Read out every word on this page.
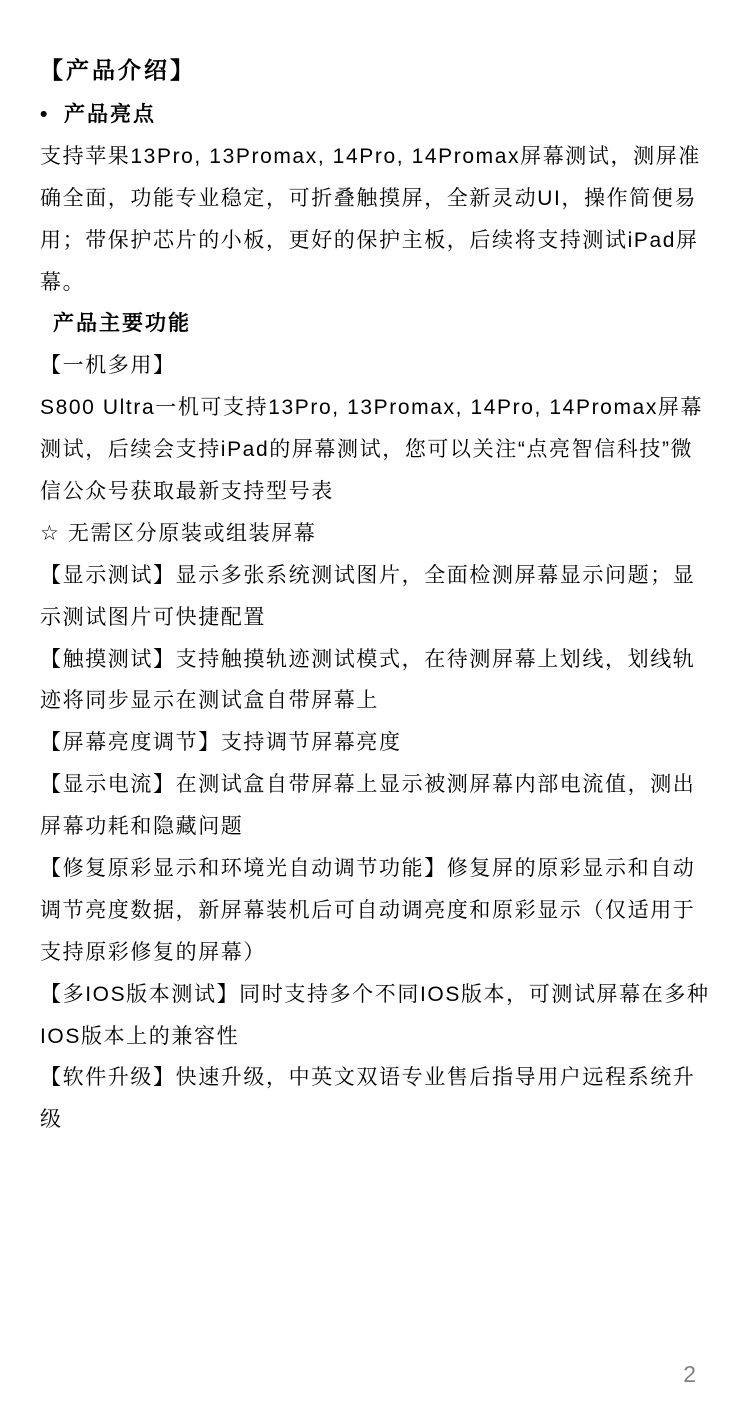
【产品介绍】
• 产品亮点
支持苹果13Pro, 13Promax, 14Pro, 14Promax屏幕测试，测屏准
确全面，功能专业稳定，可折叠触摸屏，全新灵动UI，操作简便易
用；带保护芯片的小板，更好的保护主板，后续将支持测试iPad屏
幕。
产品主要功能
【一机多用】
S800 Ultra一机可支持13Pro, 13Promax, 14Pro, 14Promax屏幕
测试，后续会支持iPad的屏幕测试，您可以关注“点亮智信科技”微
信公众号获取最新支持型号表
☆ 无需区分原装或组装屏幕
【显示测试】显示多张系统测试图片，全面检测屏幕显示问题；显
示测试图片可快捷配置
【触摸测试】支持触摸轨迹测试模式，在待测屏幕上划线，划线轨
迹将同步显示在测试盒自带屏幕上
【屏幕亮度调节】支持调节屏幕亮度
【显示电流】在测试盒自带屏幕上显示被测屏幕内部电流值，测出
屏幕功耗和隐藏问题
【修复原彩显示和环境光自动调节功能】修复屏的原彩显示和自动
调节亮度数据，新屏幕装机后可自动调亮度和原彩显示（仅适用于
支持原彩修复的屏幕）
【多IOS版本测试】同时支持多个不同IOS版本，可测试屏幕在多种
IOS版本上的兼容性
【软件升级】快速升级，中英文双语专业售后指导用户远程系统升
级
2
